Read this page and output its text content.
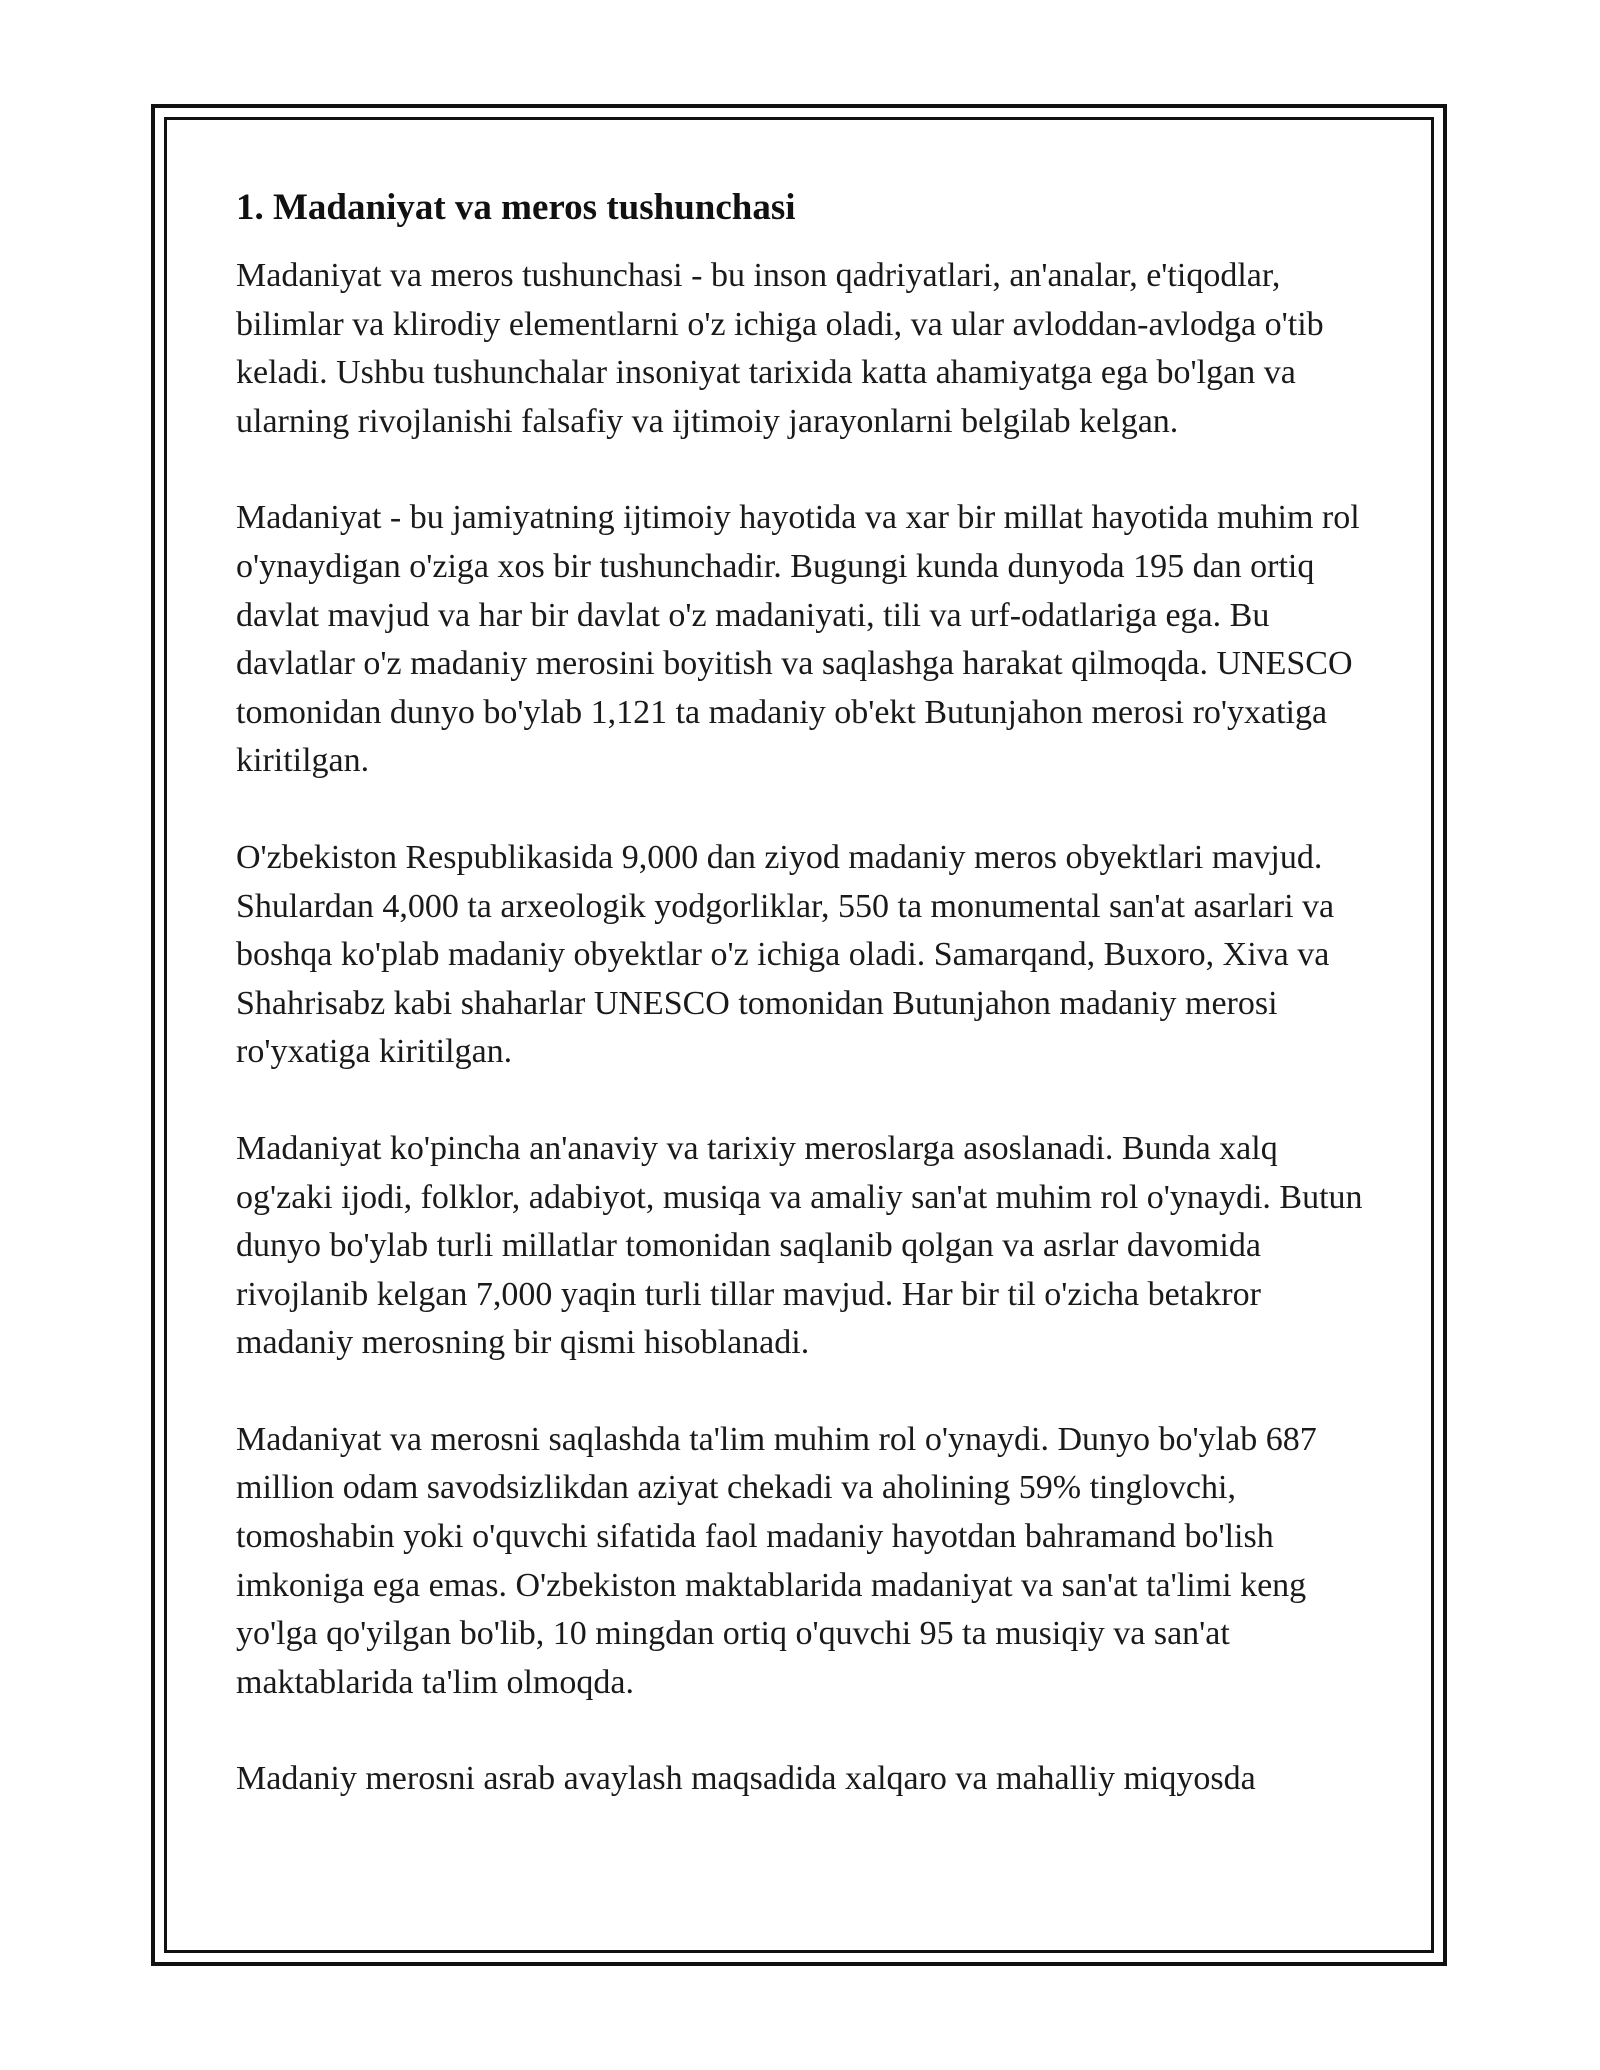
1. Madaniyat va meros tushunchasi

Madaniyat va meros tushunchasi - bu inson qadriyatlari, an'analar, e'tiqodlar, bilimlar va klirodiy elementlarni o'z ichiga oladi, va ular avloddan-avlodga o'tib keladi. Ushbu tushunchalar insoniyat tarixida katta ahamiyatga ega bo'lgan va ularning rivojlanishi falsafiy va ijtimoiy jarayonlarni belgilab kelgan.

Madaniyat - bu jamiyatning ijtimoiy hayotida va xar bir millat hayotida muhim rol o'ynaydigan o'ziga xos bir tushunchadir. Bugungi kunda dunyoda 195 dan ortiq davlat mavjud va har bir davlat o'z madaniyati, tili va urf-odatlariga ega. Bu davlatlar o'z madaniy merosini boyitish va saqlashga harakat qilmoqda. UNESCO tomonidan dunyo bo'ylab 1,121 ta madaniy ob'ekt Butunjahon merosi ro'yxatiga kiritilgan.

O'zbekiston Respublikasida 9,000 dan ziyod madaniy meros obyektlari mavjud. Shulardan 4,000 ta arxeologik yodgorliklar, 550 ta monumental san'at asarlari va boshqa ko'plab madaniy obyektlar o'z ichiga oladi. Samarqand, Buxoro, Xiva va Shahrisabz kabi shaharlar UNESCO tomonidan Butunjahon madaniy merosi ro'yxatiga kiritilgan.

Madaniyat ko'pincha an'anaviy va tarixiy meroslarga asoslanadi. Bunda xalq og'zaki ijodi, folklor, adabiyot, musiqa va amaliy san'at muhim rol o'ynaydi. Butun dunyo bo'ylab turli millatlar tomonidan saqlanib qolgan va asrlar davomida rivojlanib kelgan 7,000 yaqin turli tillar mavjud. Har bir til o'zicha betakror madaniy merosning bir qismi hisoblanadi.

Madaniyat va merosni saqlashda ta'lim muhim rol o'ynaydi. Dunyo bo'ylab 687 million odam savodsizlikdan aziyat chekadi va aholining 59% tinglovchi, tomoshabin yoki o'quvchi sifatida faol madaniy hayotdan bahramand bo'lish imkoniga ega emas. O'zbekiston maktablarida madaniyat va san'at ta'limi keng yo'lga qo'yilgan bo'lib, 10 mingdan ortiq o'quvchi 95 ta musiqiy va san'at maktablarida ta'lim olmoqda.

Madaniy merosni asrab avaylash maqsadida xalqaro va mahalliy miqyosda
